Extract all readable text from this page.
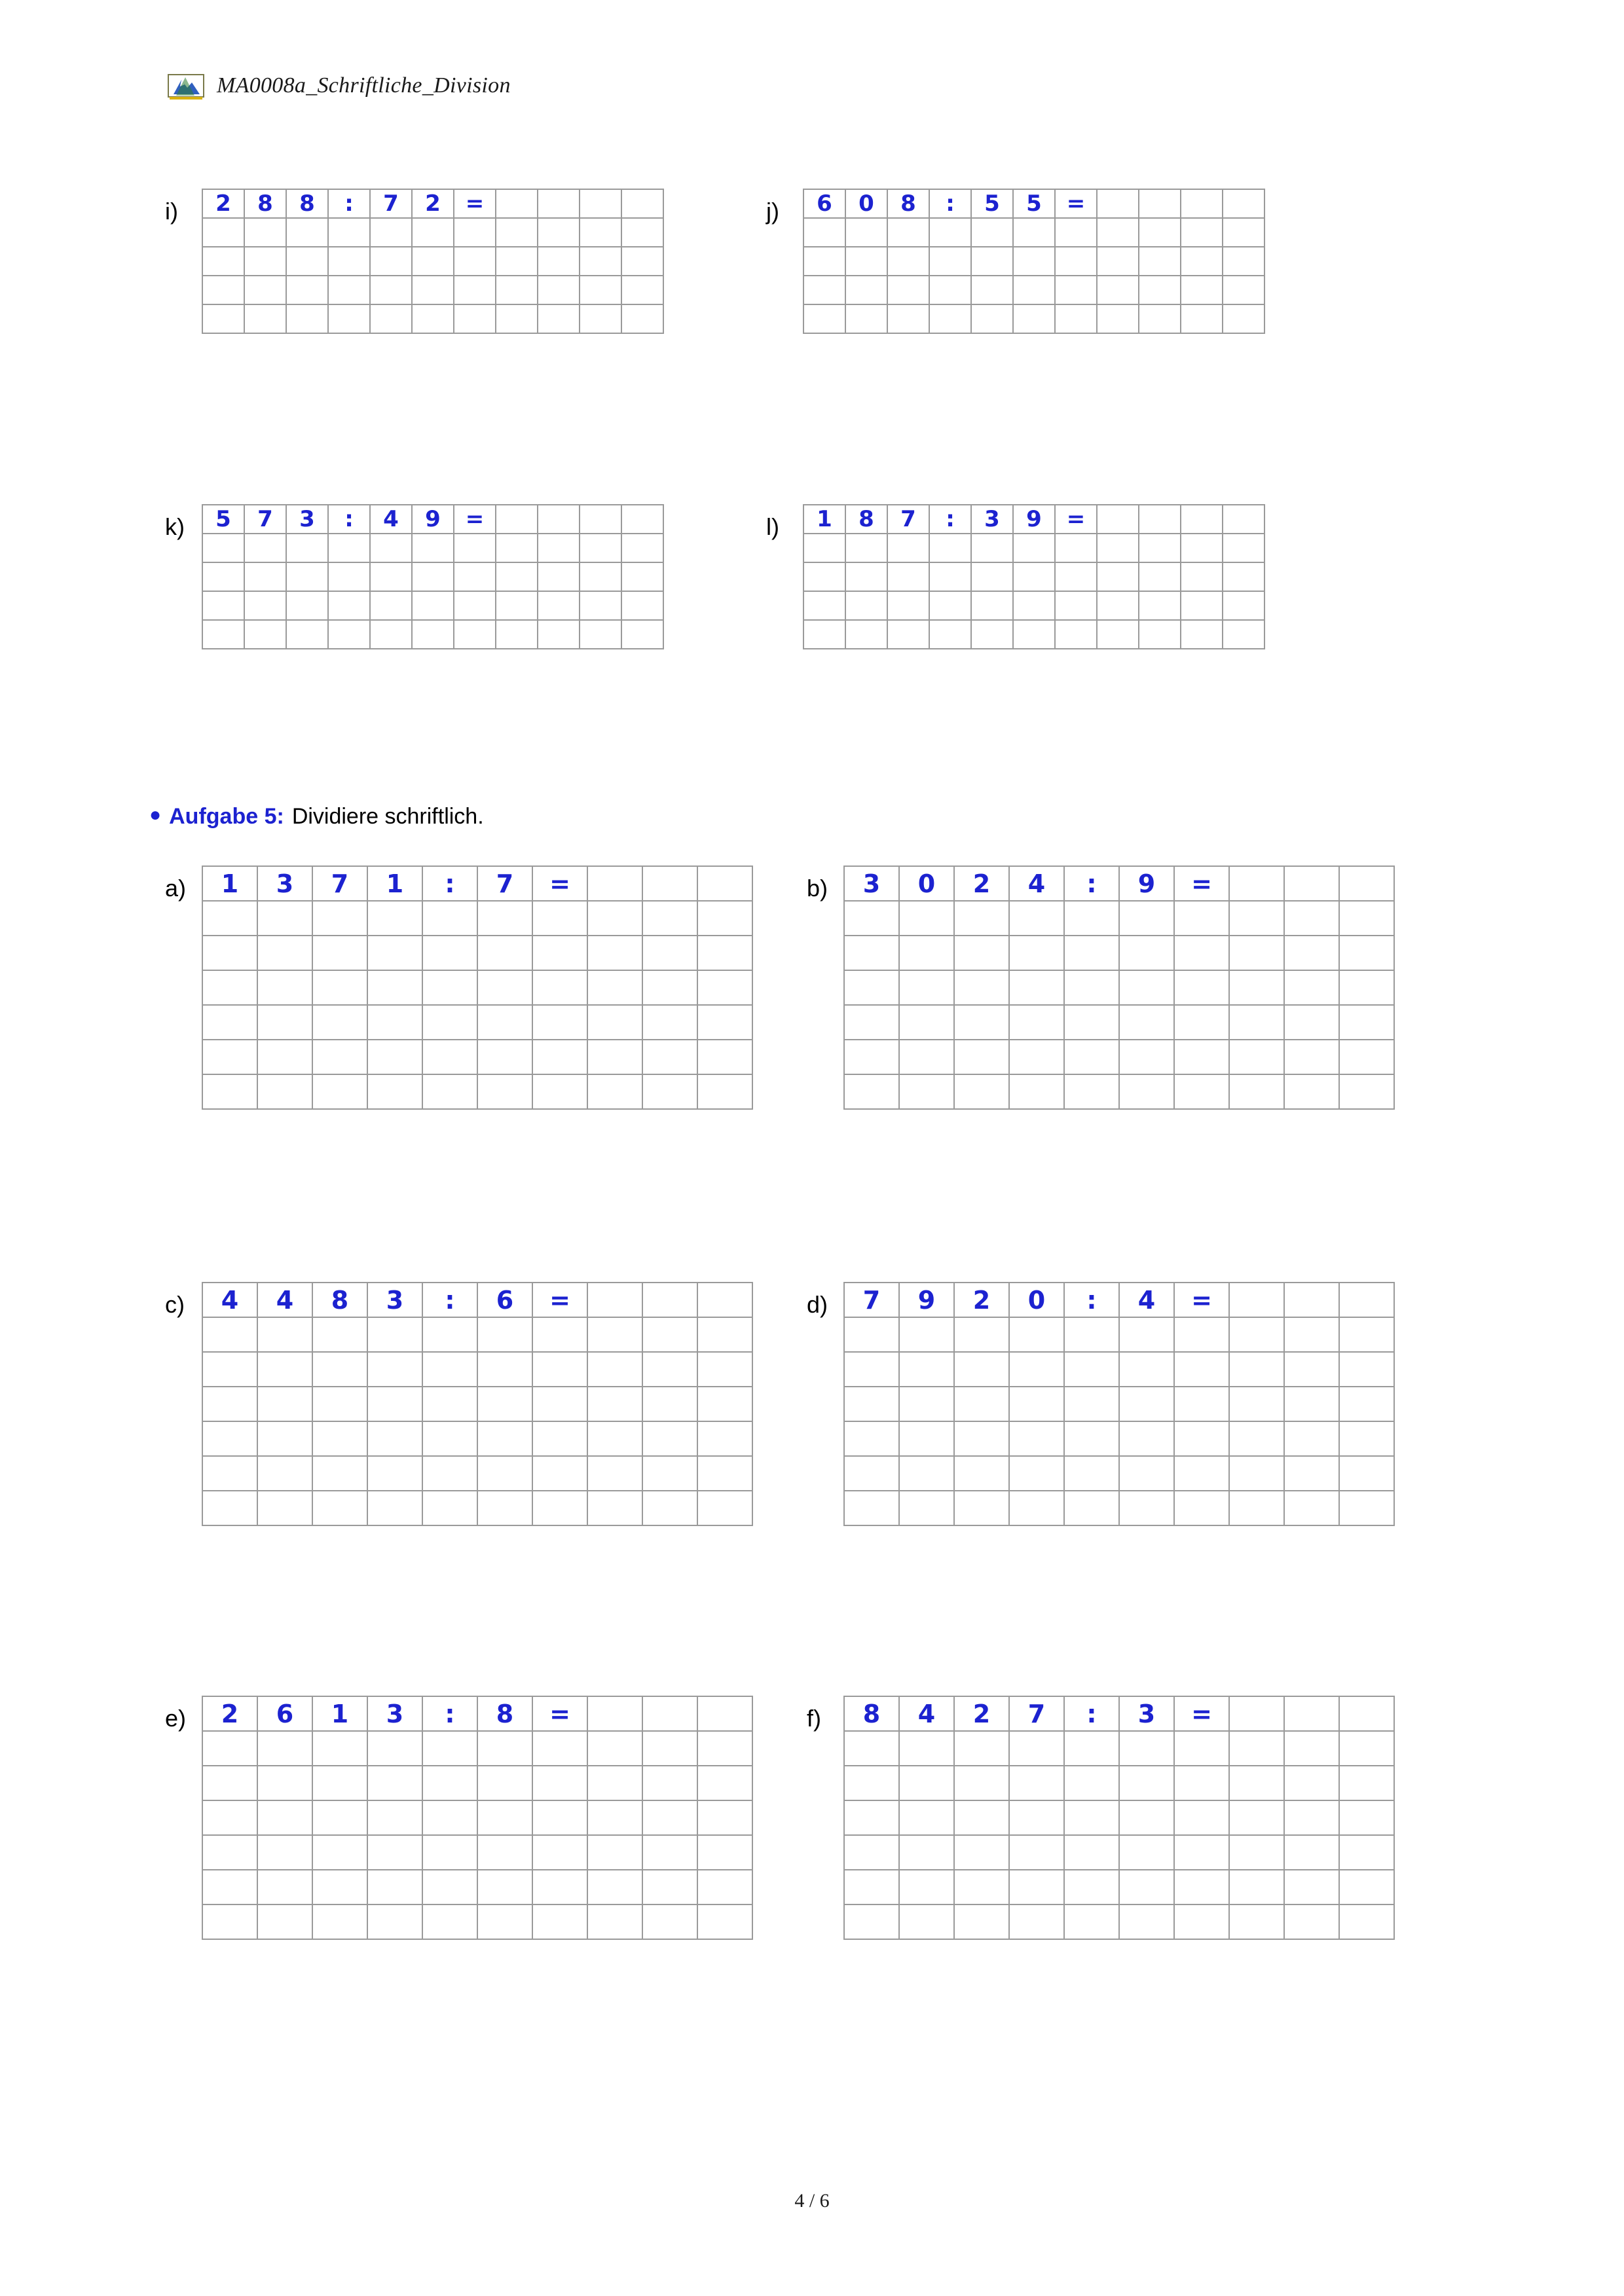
MA0008a_Schriftliche_Division
i)	2	8	8	:	7	2	=	j)	6	0	8	:	5	5	=
k)	5	7	3	:	4	9	=	l)	1	8	7	:	3	9	=
● Aufgabe 5: Dividiere schriftlich.
a)	1	3	7	1	:	7	=	b)	3	0	2	4	:	9	=
c)	4	4	8	3	:	6	=	d)	7	9	2	0	:	4	=
e)	2	6	1	3	:	8	=	f)	8	4	2	7	:	3	=
4 / 6
